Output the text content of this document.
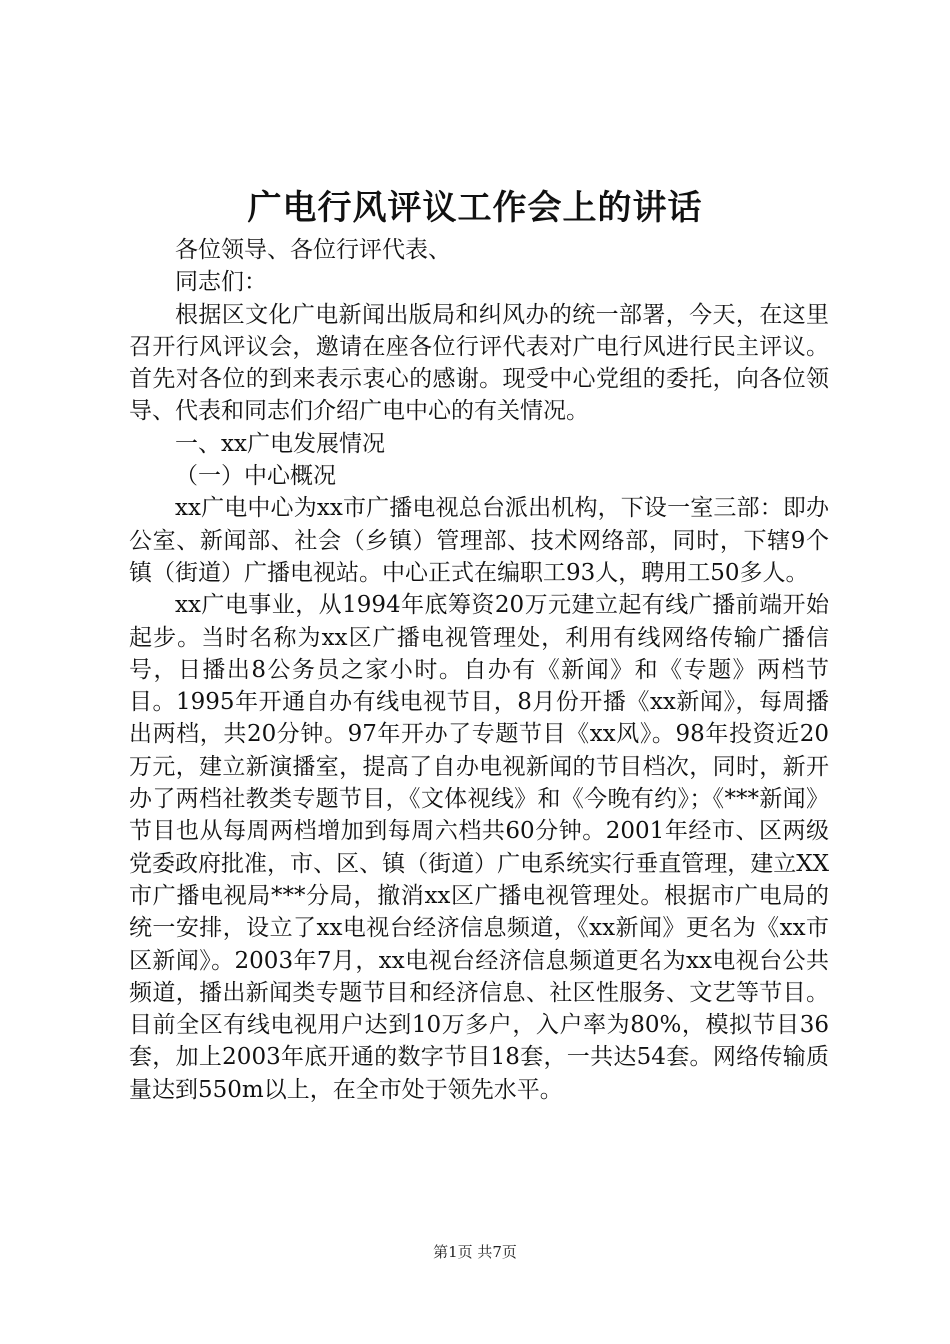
广电行风评议工作会上的讲话

各位领导、各位行评代表、

同志们：

根据区文化广电新闻出版局和纠风办的统一部署，今天，在这里召开行风评议会，邀请在座各位行评代表对广电行风进行民主评议。首先对各位的到来表示衷心的感谢。现受中心党组的委托，向各位领导、代表和同志们介绍广电中心的有关情况。

一、xx广电发展情况

（一）中心概况

xx广电中心为xx市广播电视总台派出机构，下设一室三部：即办公室、新闻部、社会（乡镇）管理部、技术网络部，同时，下辖9个镇（街道）广播电视站。中心正式在编职工93人，聘用工50多人。

xx广电事业，从1994年底筹资20万元建立起有线广播前端开始起步。当时名称为xx区广播电视管理处，利用有线网络传输广播信号，日播出8公务员之家小时。自办有《新闻》和《专题》两档节目。1995年开通自办有线电视节目，8月份开播《xx新闻》，每周播出两档，共20分钟。97年开办了专题节目《xx风》。98年投资近20万元，建立新演播室，提高了自办电视新闻的节目档次，同时，新开办了两档社教类专题节目，《文体视线》和《今晚有约》；《***新闻》节目也从每周两档增加到每周六档共60分钟。2001年经市、区两级党委政府批准，市、区、镇（街道）广电系统实行垂直管理，建立XX市广播电视局***分局，撤消xx区广播电视管理处。根据市广电局的统一安排，设立了xx电视台经济信息频道，《xx新闻》更名为《xx市区新闻》。2003年7月，xx电视台经济信息频道更名为xx电视台公共频道，播出新闻类专题节目和经济信息、社区性服务、文艺等节目。目前全区有线电视用户达到10万多户，入户率为80%，模拟节目36套，加上2003年底开通的数字节目18套，一共达54套。网络传输质量达到550m以上，在全市处于领先水平。

第1页 共7页
